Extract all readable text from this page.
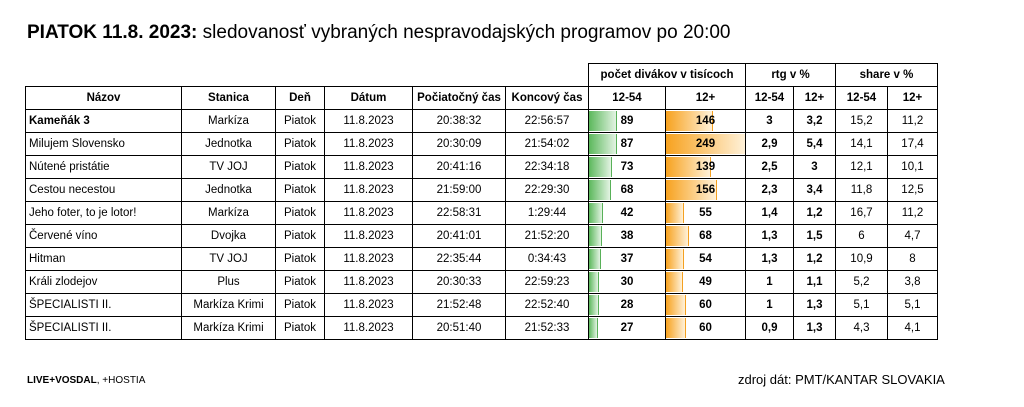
PIATOK 11.8. 2023: sledovanosť vybraných nespravodajských programov po 20:00
						počet divákov v tisícoch		rtg v %		share v %	
Názov	Stanica	Deň	Dátum	Počiatočný čas	Koncový čas	12-54	12+	12-54	12+	12-54	12+
Kameňák 3	Markíza	Piatok	11.8.2023	20:38:32	22:56:57	89	146	3	3,2	15,2	11,2
Milujem Slovensko	Jednotka	Piatok	11.8.2023	20:30:09	21:54:02	87	249	2,9	5,4	14,1	17,4
Nútené pristátie	TV JOJ	Piatok	11.8.2023	20:41:16	22:34:18	73	139	2,5	3	12,1	10,1
Cestou necestou	Jednotka	Piatok	11.8.2023	21:59:00	22:29:30	68	156	2,3	3,4	11,8	12,5
Jeho foter, to je lotor!	Markíza	Piatok	11.8.2023	22:58:31	1:29:44	42	55	1,4	1,2	16,7	11,2
Červené víno	Dvojka	Piatok	11.8.2023	20:41:01	21:52:20	38	68	1,3	1,5	6	4,7
Hitman	TV JOJ	Piatok	11.8.2023	22:35:44	0:34:43	37	54	1,3	1,2	10,9	8
Králi zlodejov	Plus	Piatok	11.8.2023	20:30:33	22:59:23	30	49	1	1,1	5,2	3,8
ŠPECIALISTI II.	Markíza Krimi	Piatok	11.8.2023	21:52:48	22:52:40	28	60	1	1,3	5,1	5,1
ŠPECIALISTI II.	Markíza Krimi	Piatok	11.8.2023	20:51:40	21:52:33	27	60	0,9	1,3	4,3	4,1
LIVE+VOSDAL, +HOSTIA	zdroj dát: PMT/KANTAR SLOVAKIA
